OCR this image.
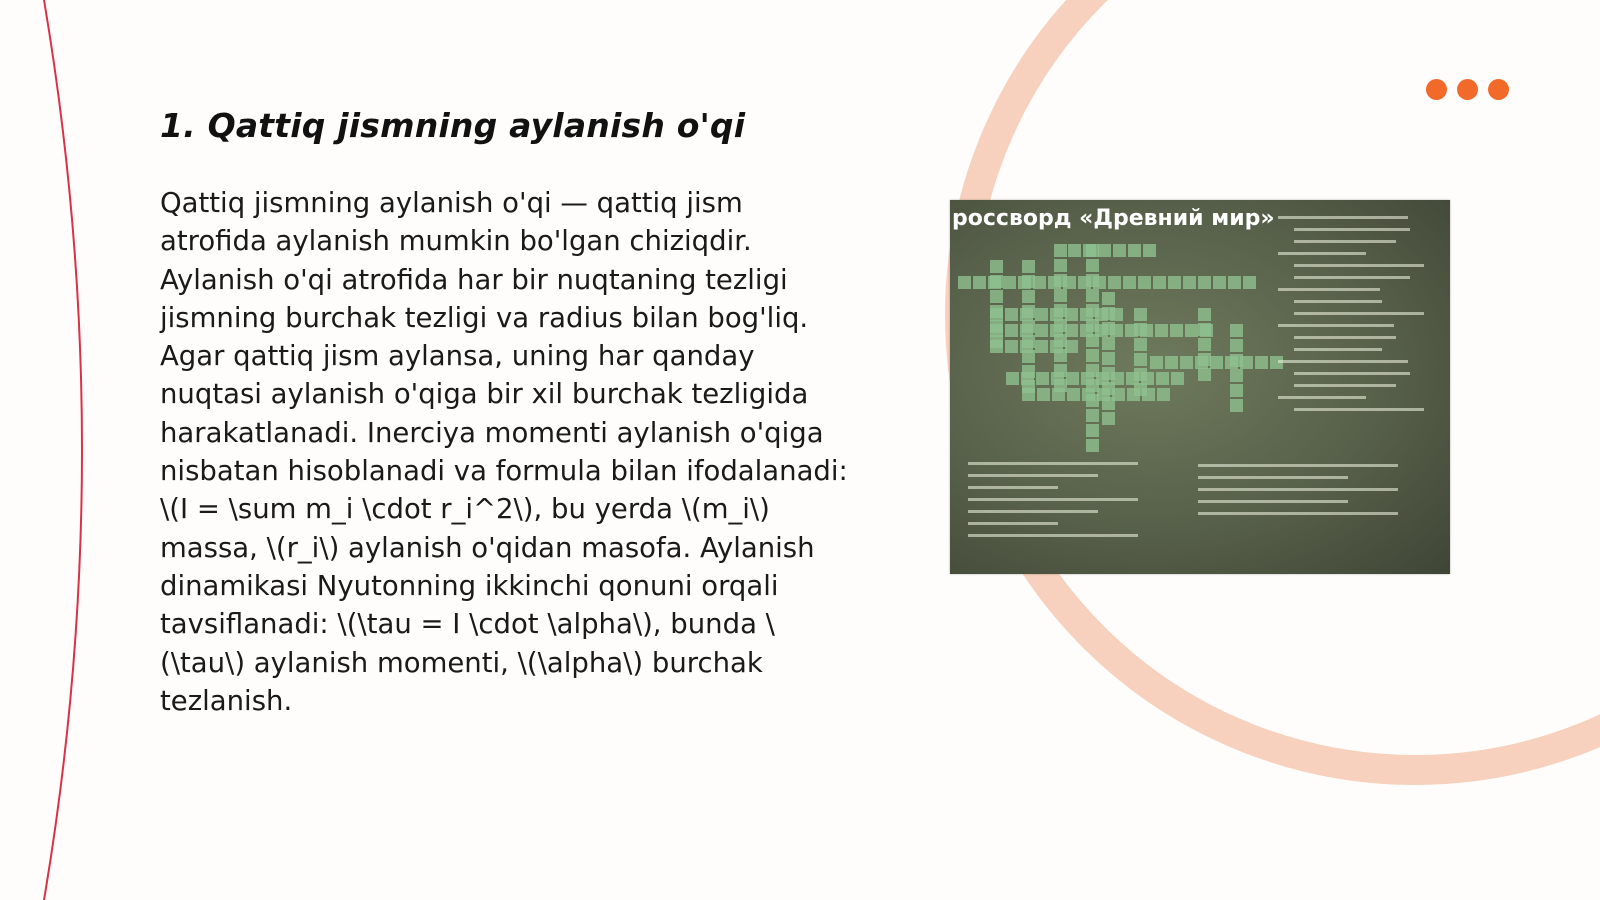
1. Qattiq jismning aylanish o'qi

Qattiq jismning aylanish o'qi — qattiq jism atrofida aylanish mumkin bo'lgan chiziqdir. Aylanish o'qi atrofida har bir nuqtaning tezligi jismning burchak tezligi va radius bilan bog'liq. Agar qattiq jism aylansa, uning har qanday nuqtasi aylanish o'qiga bir xil burchak tezligida harakatlanadi. Inerciya momenti aylanish o'qiga nisbatan hisoblanadi va formula bilan ifodalanadi: \(I = \sum m_i \cdot r_i^2\), bu yerda \(m_i\) massa, \(r_i\) aylanish o'qidan masofa. Aylanish dinamikasi Nyutonning ikkinchi qonuni orqali tavsiflanadi: \(\tau = I \cdot \alpha\), bunda \(\tau\) aylanish momenti, \(\alpha\) burchak tezlanish.

россворд «Древний мир»
